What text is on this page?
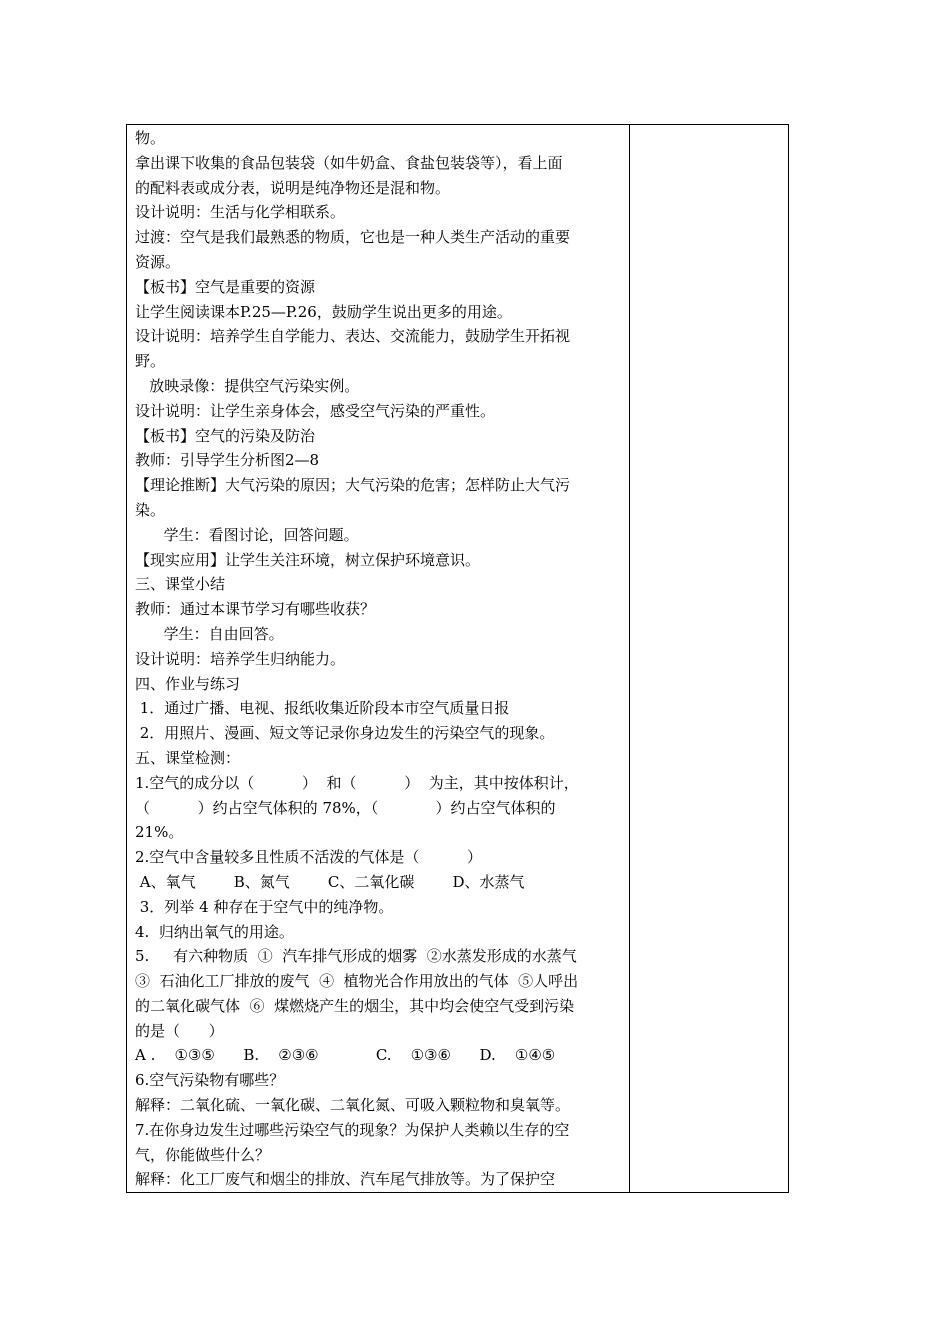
物。
拿出课下收集的食品包装袋（如牛奶盒、食盐包装袋等），看上面
的配料表或成分表，说明是纯净物还是混和物。
设计说明：生活与化学相联系。
过渡：空气是我们最熟悉的物质，它也是一种人类生产活动的重要
资源。
【板书】空气是重要的资源
让学生阅读课本P.25—P.26，鼓励学生说出更多的用途。
设计说明：培养学生自学能力、表达、交流能力，鼓励学生开拓视
野。
放映录像：提供空气污染实例。
设计说明：让学生亲身体会，感受空气污染的严重性。
【板书】空气的污染及防治
教师：引导学生分析图2—8
【理论推断】大气污染的原因；大气污染的危害；怎样防止大气污
染。
学生：看图讨论，回答问题。
【现实应用】让学生关注环境，树立保护环境意识。
三、课堂小结
教师：通过本课节学习有哪些收获？
学生：自由回答。
设计说明：培养学生归纳能力。
四、作业与练习
1．通过广播、电视、报纸收集近阶段本市空气质量日报
2．用照片、漫画、短文等记录你身边发生的污染空气的现象。
五、课堂检测：
1.空气的成分以（          ）  和（          ）  为主，其中按体积计，
（          ）约占空气体积的 78%，（            ）约占空气体积的
21%。
2.空气中含量较多且性质不活泼的气体是（          ）
A、氧气        B、氮气        C、二氧化碳        D、水蒸气
3．列举 4 种存在于空气中的纯净物。
4.  归纳出氧气的用途。
5.     有六种物质  ①  汽车排气形成的烟雾  ②水蒸发形成的水蒸气
③  石油化工厂排放的废气  ④  植物光合作用放出的气体  ⑤人呼出
的二氧化碳气体  ⑥  煤燃烧产生的烟尘，其中均会使空气受到污染
的是（      ）
A .    ①③⑤      B.    ②③⑥            C.    ①③⑥      D.    ①④⑤
6.空气污染物有哪些？
解释：二氧化硫、一氧化碳、二氧化氮、可吸入颗粒物和臭氧等。
7.在你身边发生过哪些污染空气的现象？为保护人类赖以生存的空
气，你能做些什么？
解释：化工厂废气和烟尘的排放、汽车尾气排放等。为了保护空
